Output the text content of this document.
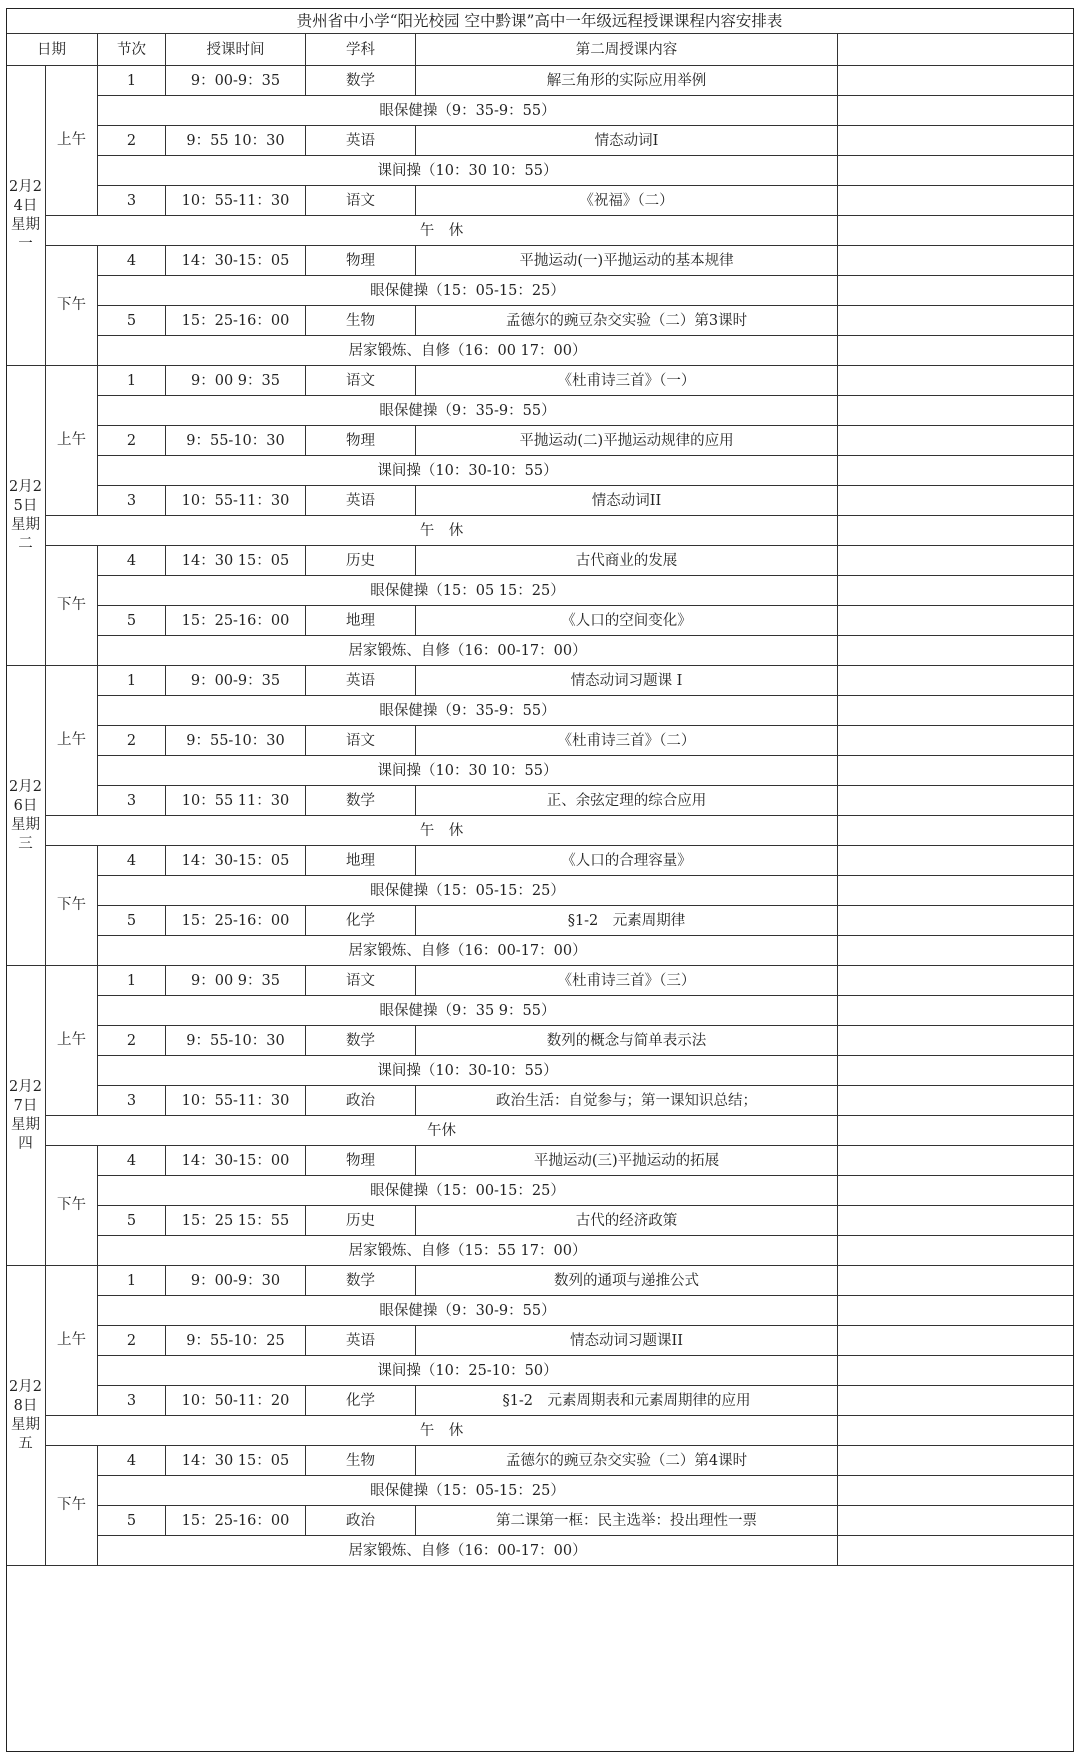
贵州省中小学“阳光校园 空中黔课”高中一年级远程授课课程内容安排表
日期	节次	授课时间	学科	第二周授课内容
2月24日 星期一
上午
下午
1	9：00-9：35	数学	解三角形的实际应用举例
眼保健操（9：35-9：55）
2	9：55 10：30	英语	情态动词I
课间操（10：30 10：55）
3	10：55-11：30	语文	《祝福》（二）
午　休
4	14：30-15：05	物理	平抛运动(一)平抛运动的基本规律
眼保健操（15：05-15：25）
5	15：25-16：00	生物	孟德尔的豌豆杂交实验（二）第3课时
居家锻炼、自修（16：00 17：00）
2月25日 星期二
上午
下午
1	9：00 9：35	语文	《杜甫诗三首》（一）
眼保健操（9：35-9：55）
2	9：55-10：30	物理	平抛运动(二)平抛运动规律的应用
课间操（10：30-10：55）
3	10：55-11：30	英语	情态动词II
午　休
4	14：30 15：05	历史	古代商业的发展
眼保健操（15：05 15：25）
5	15：25-16：00	地理	《人口的空间变化》
居家锻炼、自修（16：00-17：00）
2月26日 星期三
上午
下午
1	9：00-9：35	英语	情态动词习题课 I
眼保健操（9：35-9：55）
2	9：55-10：30	语文	《杜甫诗三首》（二）
课间操（10：30 10：55）
3	10：55 11：30	数学	正、余弦定理的综合应用
午　休
4	14：30-15：05	地理	《人口的合理容量》
眼保健操（15：05-15：25）
5	15：25-16：00	化学	§1-2　元素周期律
居家锻炼、自修（16：00-17：00）
2月27日 星期四
上午
下午
1	9：00 9：35	语文	《杜甫诗三首》（三）
眼保健操（9：35 9：55）
2	9：55-10：30	数学	数列的概念与简单表示法
课间操（10：30-10：55）
3	10：55-11：30	政治	政治生活：自觉参与；第一课知识总结；
午休
4	14：30-15：00	物理	平抛运动(三)平抛运动的拓展
眼保健操（15：00-15：25）
5	15：25 15：55	历史	古代的经济政策
居家锻炼、自修（15：55 17：00）
2月28日 星期五
上午
下午
1	9：00-9：30	数学	数列的通项与递推公式
眼保健操（9：30-9：55）
2	9：55-10：25	英语	情态动词习题课II
课间操（10：25-10：50）
3	10：50-11：20	化学	§1-2　元素周期表和元素周期律的应用
午　休
4	14：30 15：05	生物	孟德尔的豌豆杂交实验（二）第4课时
眼保健操（15：05-15：25）
5	15：25-16：00	政治	第二课第一框：民主选举：投出理性一票
居家锻炼、自修（16：00-17：00）
